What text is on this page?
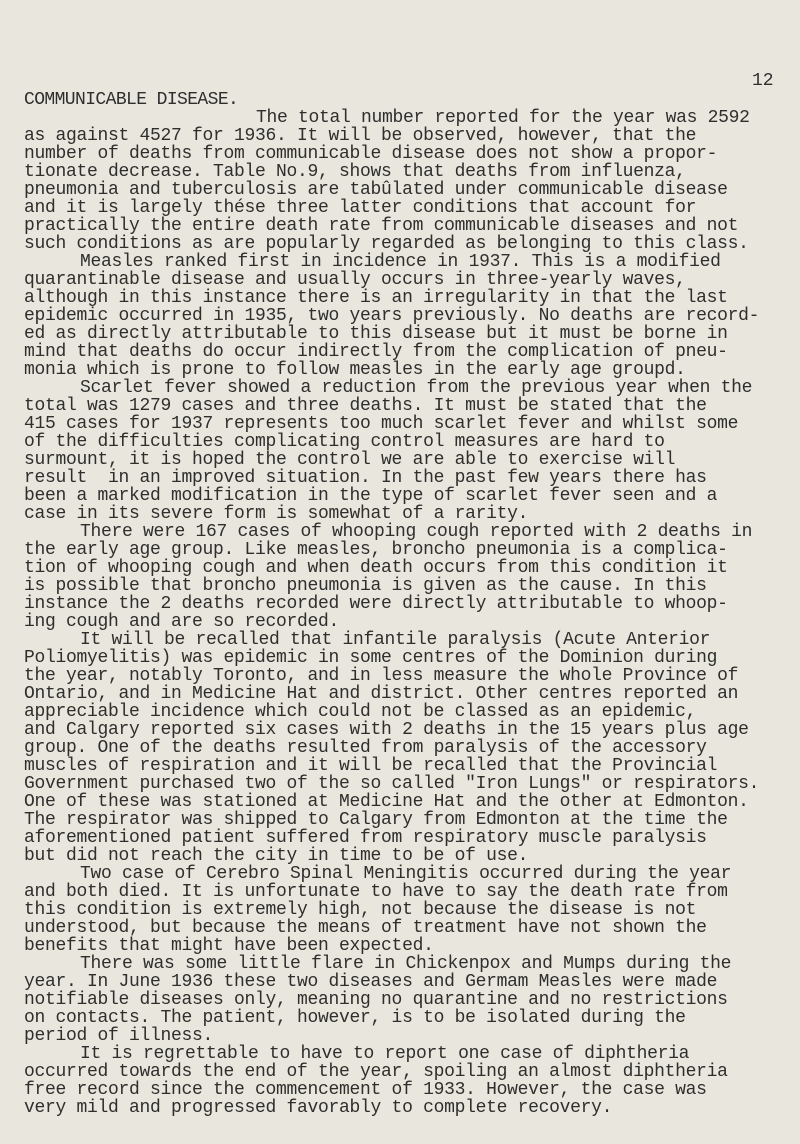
12
COMMUNICABLE DISEASE.
The total number reported for the year was 2592
as against 4527 for 1936. It will be observed, however, that the
number of deaths from communicable disease does not show a propor-
tionate decrease. Table No.9, shows that deaths from influenza,
pneumonia and tuberculosis are tabûlated under communicable disease
and it is largely thése three latter conditions that account for
practically the entire death rate from communicable diseases and not
such conditions as are popularly regarded as belonging to this class.
Measles ranked first in incidence in 1937. This is a modified
quarantinable disease and usually occurs in three-yearly waves,
although in this instance there is an irregularity in that the last
epidemic occurred in 1935, two years previously. No deaths are record-
ed as directly attributable to this disease but it must be borne in
mind that deaths do occur indirectly from the complication of pneu-
monia which is prone to follow measles in the early age groupd.
Scarlet fever showed a reduction from the previous year when the
total was 1279 cases and three deaths. It must be stated that the
415 cases for 1937 represents too much scarlet fever and whilst some
of the difficulties complicating control measures are hard to
surmount, it is hoped the control we are able to exercise will
result  in an improved situation. In the past few years there has
been a marked modification in the type of scarlet fever seen and a
case in its severe form is somewhat of a rarity.
There were 167 cases of whooping cough reported with 2 deaths in
the early age group. Like measles, broncho pneumonia is a complica-
tion of whooping cough and when death occurs from this condition it
is possible that broncho pneumonia is given as the cause. In this
instance the 2 deaths recorded were directly attributable to whoop-
ing cough and are so recorded.
It will be recalled that infantile paralysis (Acute Anterior
Poliomyelitis) was epidemic in some centres of the Dominion during
the year, notably Toronto, and in less measure the whole Province of
Ontario, and in Medicine Hat and district. Other centres reported an
appreciable incidence which could not be classed as an epidemic,
and Calgary reported six cases with 2 deaths in the 15 years plus age
group. One of the deaths resulted from paralysis of the accessory
muscles of respiration and it will be recalled that the Provincial
Government purchased two of the so called "Iron Lungs" or respirators.
One of these was stationed at Medicine Hat and the other at Edmonton.
The respirator was shipped to Calgary from Edmonton at the time the
aforementioned patient suffered from respiratory muscle paralysis
but did not reach the city in time to be of use.
Two case of Cerebro Spinal Meningitis occurred during the year
and both died. It is unfortunate to have to say the death rate from
this condition is extremely high, not because the disease is not
understood, but because the means of treatment have not shown the
benefits that might have been expected.
There was some little flare in Chickenpox and Mumps during the
year. In June 1936 these two diseases and Germam Measles were made
notifiable diseases only, meaning no quarantine and no restrictions
on contacts. The patient, however, is to be isolated during the
period of illness.
It is regrettable to have to report one case of diphtheria
occurred towards the end of the year, spoiling an almost diphtheria
free record since the commencement of 1933. However, the case was
very mild and progressed favorably to complete recovery.
